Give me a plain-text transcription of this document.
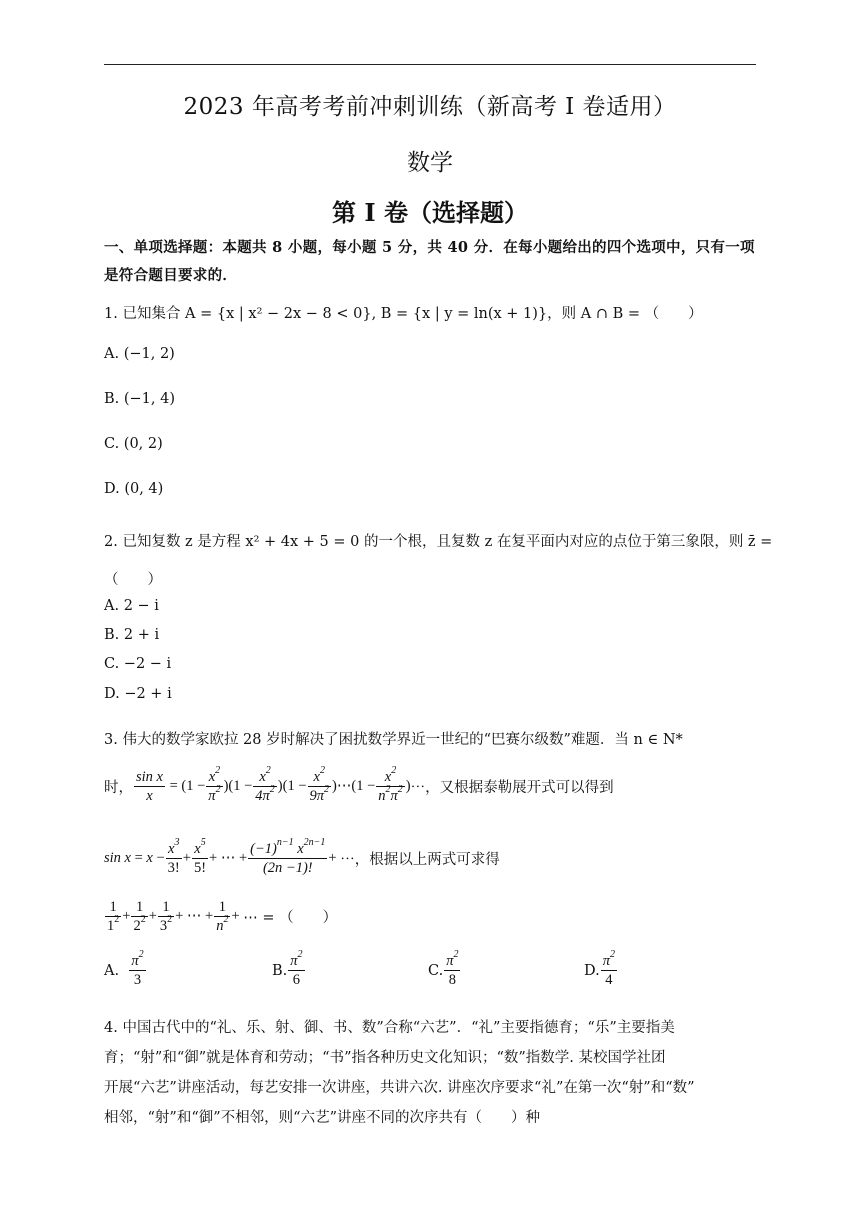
2023 年高考考前冲刺训练（新高考 I 卷适用）
数学
第 I 卷（选择题）
一、单项选择题：本题共 8 小题，每小题 5 分，共 40 分．在每小题给出的四个选项中，只有一项
是符合题目要求的．
1. 已知集合 A = {x | x² − 2x − 8 < 0}, B = {x | y = ln(x + 1)}，则 A ∩ B = （　　）
A. (−1, 2)
B. (−1, 4)
C. (0, 2)
D. (0, 4)
2. 已知复数 z 是方程 x² + 4x + 5 = 0 的一个根，且复数 z 在复平面内对应的点位于第三象限，则 z̄ =
（　　）
A. 2 − i
B. 2 + i
C. −2 − i
D. −2 + i
3. 伟大的数学家欧拉 28 岁时解决了困扰数学界近一世纪的“巴赛尔级数”难题．当 n ∈ N*
时， $\frac{\text{sin x}}{x} = (1 - \frac{x^2}{\pi^2} )(1 - \frac{x^2}{4\pi^2} )(1 - \frac{x^2}{9\pi^2}$ )⋯(1 − $\frac{x^2}{n^2\pi^2}$ ) ⋯，又根据泰勒展开式可以得到
$\sin x = x - \frac{x^3}{3!} + \frac{x^5}{5!}$ + ⋯ + $\frac{(-1)^{n-1} x^{2n-1}}{(2n -1)!}$ + ⋯，根据以上两式可求得
$\frac{1}{1^2} + \frac{1}{2^2} + \frac{1}{3^2}$ + ⋯ + $\frac{1}{n^2}$ + ⋯ = （　　）
A.
$\frac{\pi^2}{3}$	B. $\frac{\pi^2}{6}$	C. $\frac{\pi^2}{8}$	D. $\frac{\pi^2}{4}$
4. 中国古代中的“礼、乐、射、御、书、数”合称“六艺”．“礼”主要指德育；“乐”主要指美
育；“射”和“御”就是体育和劳动；“书”指各种历史文化知识；“数”指数学. 某校国学社团
开展“六艺”讲座活动，每艺安排一次讲座，共讲六次. 讲座次序要求“礼”在第一次“射”和“数”
相邻，“射”和“御”不相邻，则“六艺”讲座不同的次序共有（　　）种
